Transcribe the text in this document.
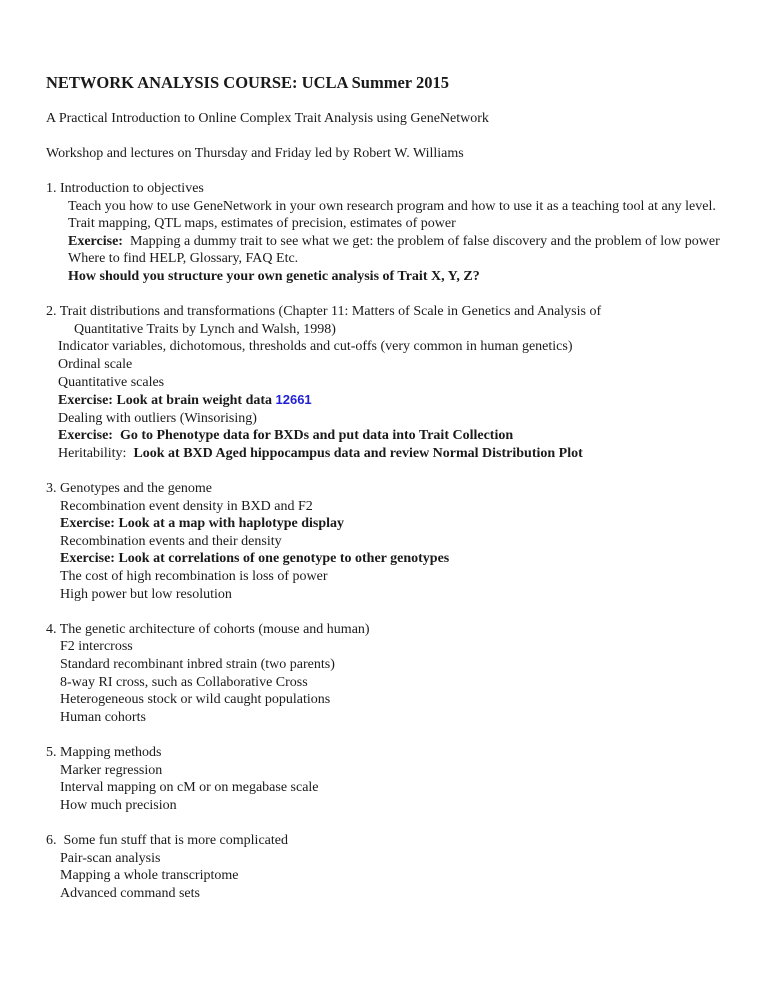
NETWORK ANALYSIS COURSE: UCLA Summer 2015
A Practical Introduction to Online Complex Trait Analysis using GeneNetwork
Workshop and lectures on Thursday and Friday led by Robert W. Williams
1. Introduction to objectives
Teach you how to use GeneNetwork in your own research program and how to use it as a teaching tool at any level.
Trait mapping, QTL maps, estimates of precision, estimates of power
Exercise:  Mapping a dummy trait to see what we get: the problem of false discovery and the problem of low power
Where to find HELP, Glossary, FAQ Etc.
How should you structure your own genetic analysis of Trait X, Y, Z?
2. Trait distributions and transformations (Chapter 11: Matters of Scale in Genetics and Analysis of
Quantitative Traits by Lynch and Walsh, 1998)
Indicator variables, dichotomous, thresholds and cut-offs (very common in human genetics)
Ordinal scale
Quantitative scales
Exercise: Look at brain weight data 12661
Dealing with outliers (Winsorising)
Exercise:  Go to Phenotype data for BXDs and put data into Trait Collection
Heritability:  Look at BXD Aged hippocampus data and review Normal Distribution Plot
3. Genotypes and the genome
Recombination event density in BXD and F2
Exercise: Look at a map with haplotype display
Recombination events and their density
Exercise: Look at correlations of one genotype to other genotypes
The cost of high recombination is loss of power
High power but low resolution
4. The genetic architecture of cohorts (mouse and human)
F2 intercross
Standard recombinant inbred strain (two parents)
8-way RI cross, such as Collaborative Cross
Heterogeneous stock or wild caught populations
Human cohorts
5. Mapping methods
Marker regression
Interval mapping on cM or on megabase scale
How much precision
6.  Some fun stuff that is more complicated
Pair-scan analysis
Mapping a whole transcriptome
Advanced command sets
